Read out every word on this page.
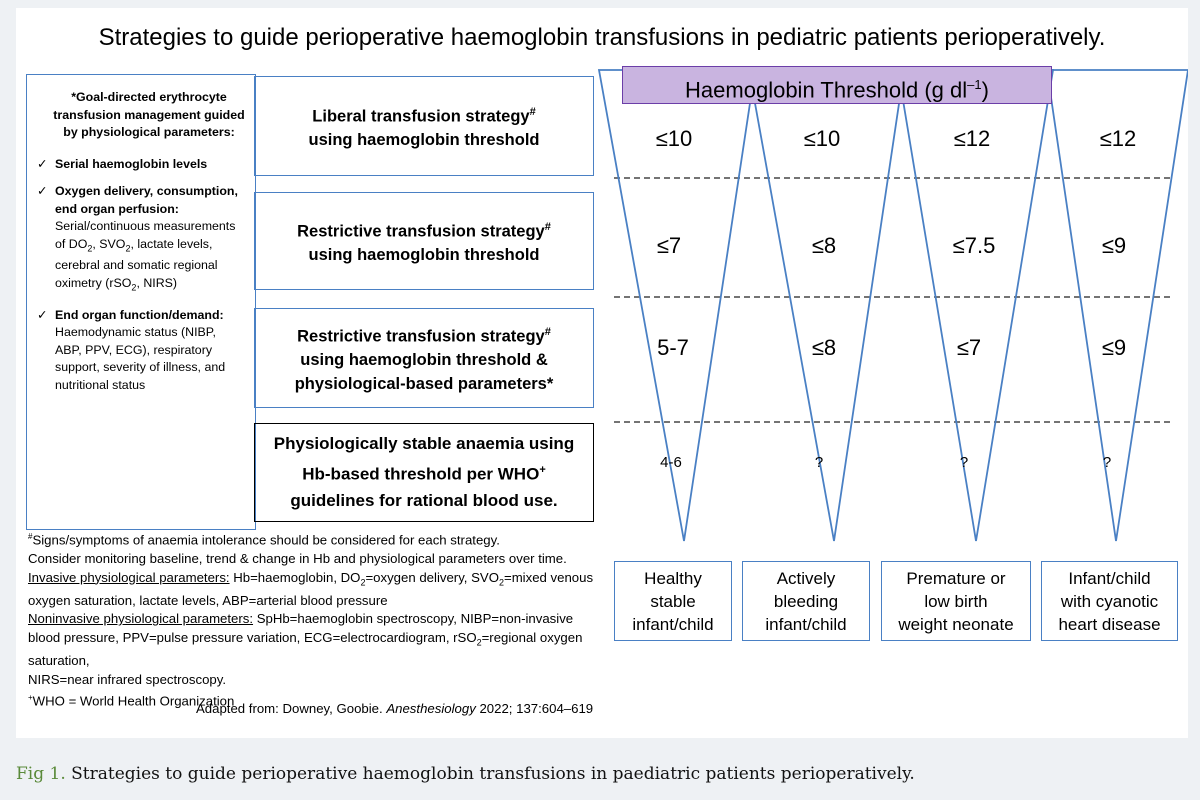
Strategies to guide perioperative haemoglobin transfusions in pediatric patients perioperatively.
*Goal-directed erythrocyte transfusion management guided by physiological parameters:
✓ Serial haemoglobin levels
✓ Oxygen delivery, consumption, end organ perfusion: Serial/continuous measurements of $DO_2$, $SVO_2$, lactate levels, cerebral and somatic regional oximetry (rSO$_2$, NIRS)
✓ End organ function/demand: Haemodynamic status (NIBP, ABP, PPV, ECG), respiratory support, severity of illness, and nutritional status
Liberal transfusion strategy#
using haemoglobin threshold
Restrictive transfusion strategy#
using haemoglobin threshold
Restrictive transfusion strategy#
using haemoglobin threshold &
physiological-based parameters*
Physiologically stable anaemia using
Hb-based threshold per WHO+
guidelines for rational blood use.
#Signs/symptoms of anaemia intolerance should be considered for each strategy.
Consider monitoring baseline, trend & change in Hb and physiological parameters over time.
Invasive physiological parameters: Hb=haemoglobin, $DO_2=oxygen$ delivery, $SVO_2=mixed$ venous oxygen saturation, lactate levels, ABP=arterial blood pressure
Noninvasive physiological parameters: SpHb=haemoglobin spectroscopy, NIBP=non-invasive blood pressure, PPV=pulse pressure variation, ECG=electrocardiogram, rSO$_2$=regional oxygen saturation,
NIRS=near infrared spectroscopy.
+WHO = World Health Organization
Adapted from: Downey, Goobie. Anesthesiology 2022; 137:604–619
Haemoglobin Threshold (g $dl^{-1}$)
≤10	≤10	≤12	≤12
≤7	≤8	≤7.5	≤9
5-7	≤8	≤7	≤9
4-6	?	?	?
Healthy
stable
infant/child
Actively
bleeding
infant/child
Premature or
low birth
weight neonate
Infant/child
with cyanotic
heart disease
Fig 1. Strategies to guide perioperative haemoglobin transfusions in paediatric patients perioperatively.
